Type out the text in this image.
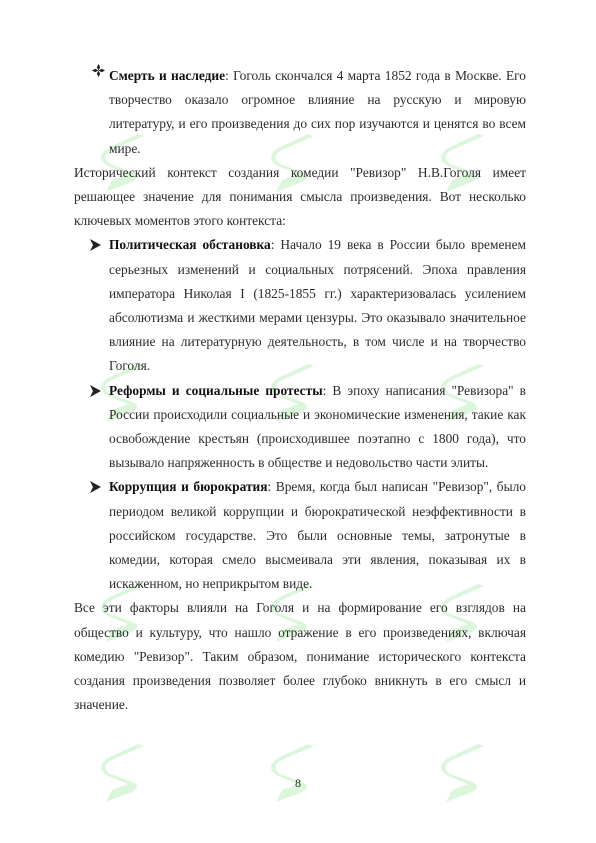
Смерть и наследие: Гоголь скончался 4 марта 1852 года в Москве. Его творчество оказало огромное влияние на русскую и мировую литературу, и его произведения до сих пор изучаются и ценятся во всем мире.

Исторический контекст создания комедии "Ревизор" Н.В.Гоголя имеет решающее значение для понимания смысла произведения. Вот несколько ключевых моментов этого контекста:

Политическая обстановка: Начало 19 века в России было временем серьезных изменений и социальных потрясений. Эпоха правления императора Николая I (1825-1855 гг.) характеризовалась усилением абсолютизма и жесткими мерами цензуры. Это оказывало значительное влияние на литературную деятельность, в том числе и на творчество Гоголя.

Реформы и социальные протесты: В эпоху написания "Ревизора" в России происходили социальные и экономические изменения, такие как освобождение крестьян (происходившее поэтапно с 1800 года), что вызывало напряженность в обществе и недовольство части элиты.

Коррупция и бюрократия: Время, когда был написан "Ревизор", было периодом великой коррупции и бюрократической неэффективности в российском государстве. Это были основные темы, затронутые в комедии, которая смело высмеивала эти явления, показывая их в искаженном, но неприкрытом виде.

Все эти факторы влияли на Гоголя и на формирование его взглядов на общество и культуру, что нашло отражение в его произведениях, включая комедию "Ревизор". Таким образом, понимание исторического контекста создания произведения позволяет более глубоко вникнуть в его смысл и значение.

8
